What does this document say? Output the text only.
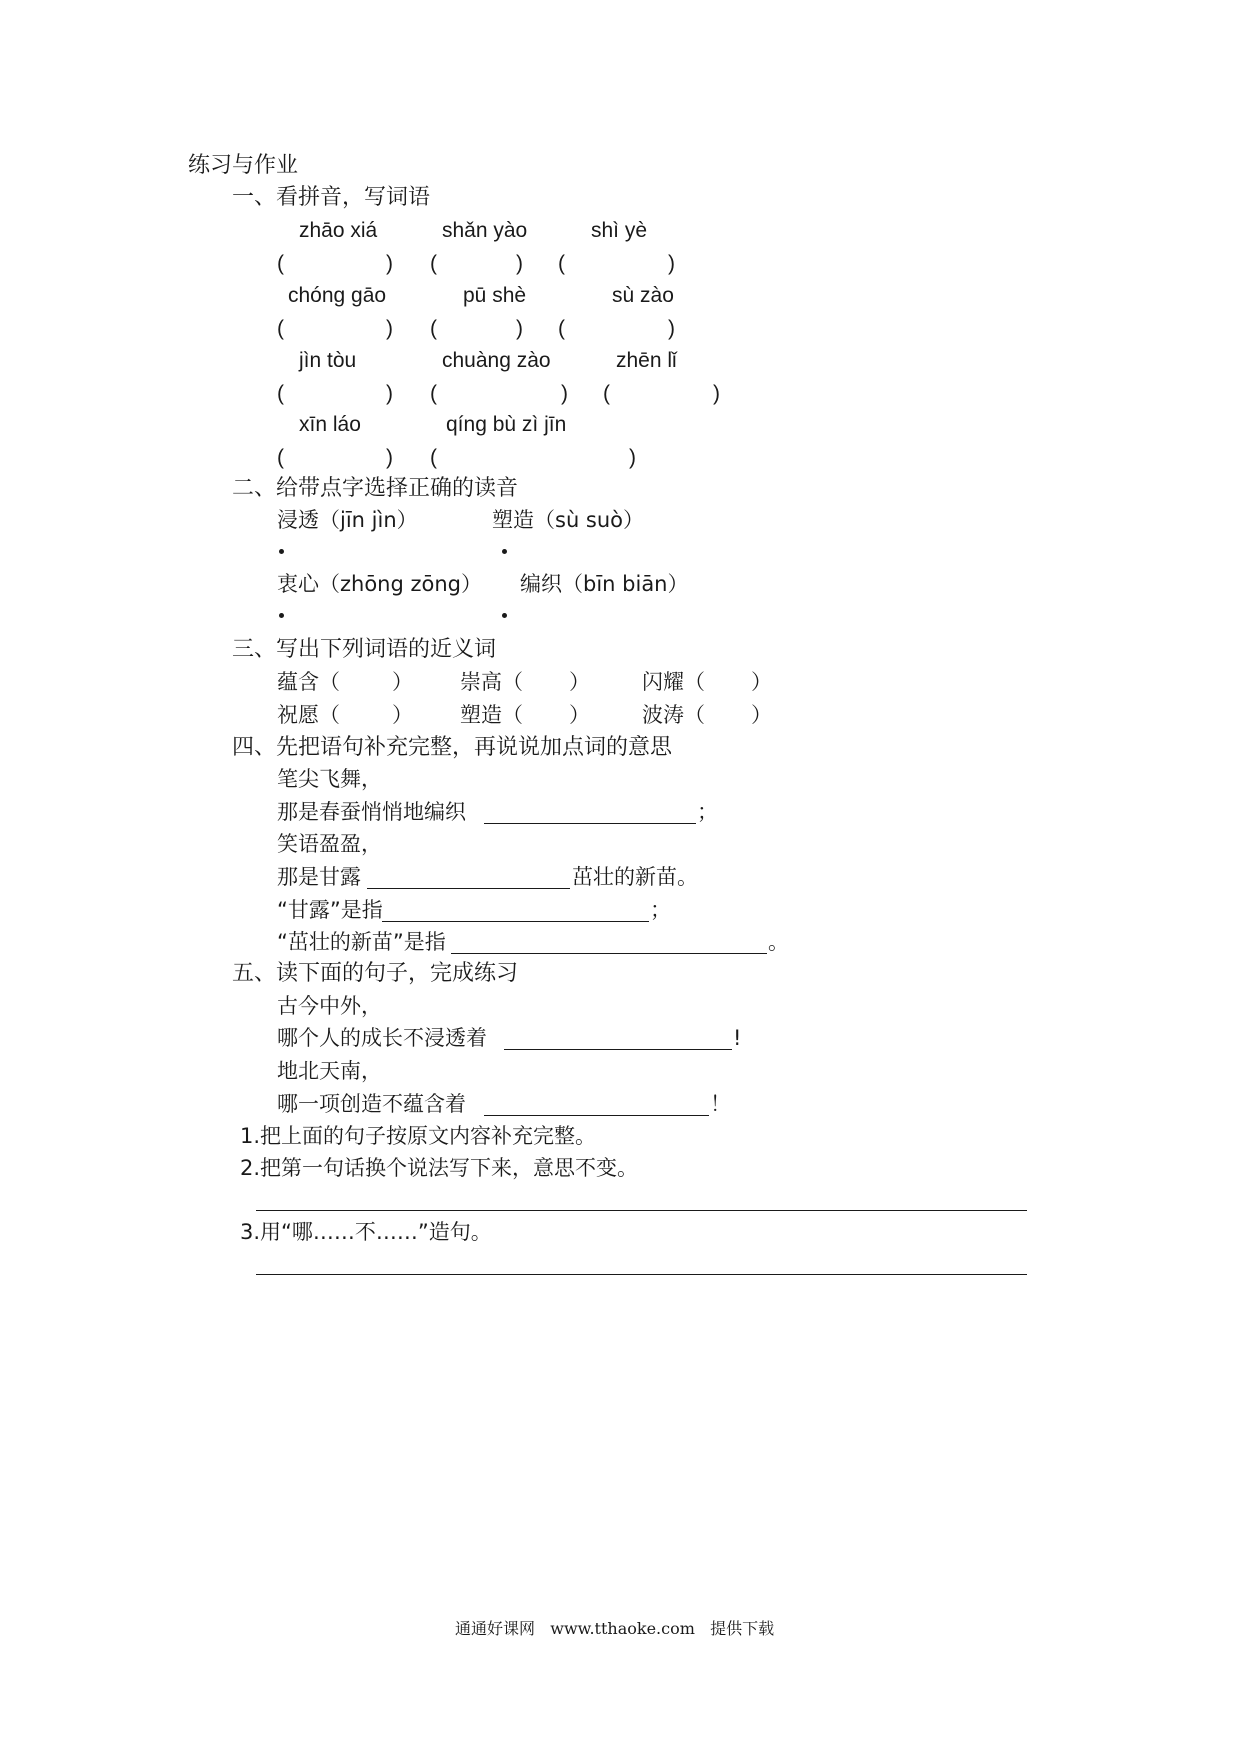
练习与作业
一、看拼音，写词语
zhāo xiá	shǎn yào	shì yè
(	) (	) (	)
chóng gāo	pū shè	sù zào
(	) (	) (	)
jìn tòu	chuàng zào	zhēn lǐ
(	) (	) (	)
xīn láo	qíng bù zì jīn
(	) (	)
二、给带点字选择正确的读音
浸透（jīn jìn）	塑造（sù suò）
衷心（zhōng zōng） 编织（bīn biān）
三、写出下列词语的近义词
蕴含（ ） 崇高（ ） 闪耀（ ）
祝愿（ ） 塑造（ ） 波涛（ ）
四、先把语句补充完整，再说说加点词的意思
笔尖飞舞，
那是春蚕悄悄地编织	；
笑语盈盈，
那是甘露	茁壮的新苗。
“甘露”是指	；
“茁壮的新苗”是指	。
五、读下面的句子，完成练习
古今中外，
哪个人的成长不浸透着	!
地北天南，
哪一项创造不蕴含着	！
1.把上面的句子按原文内容补充完整。
2.把第一句话换个说法写下来，意思不变。
3.用“哪……不……”造句。
通通好课网   www.tthaoke.com   提供下载
